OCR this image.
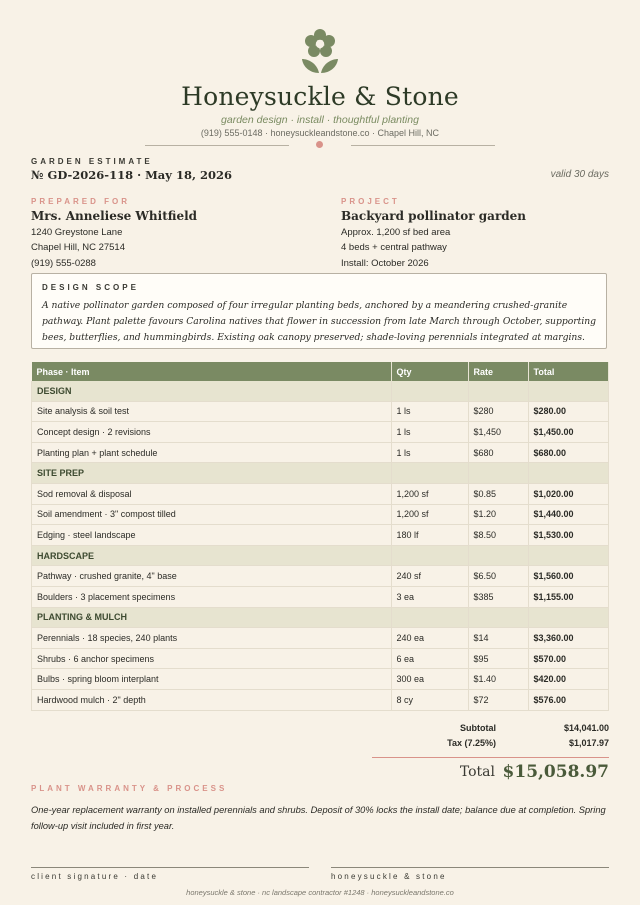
Honeysuckle & Stone
garden design · install · thoughtful planting
(919) 555-0148 · honeysuckleandstone.co · Chapel Hill, NC
GARDEN ESTIMATE
№ GD-2026-118 · May 18, 2026	valid 30 days
PREPARED FOR
Mrs. Anneliese Whitfield
1240 Greystone Lane
Chapel Hill, NC 27514
(919) 555-0288
PROJECT
Backyard pollinator garden
Approx. 1,200 sf bed area
4 beds + central pathway
Install: October 2026
DESIGN SCOPE
A native pollinator garden composed of four irregular planting beds, anchored by a meandering crushed-granite pathway. Plant palette favours Carolina natives that flower in succession from late March through October, supporting bees, butterflies, and hummingbirds. Existing oak canopy preserved; shade-loving perennials integrated at margins.
Phase · Item	Qty	Rate	Total
DESIGN			
Site analysis & soil test	1 ls	$280	$280.00
Concept design · 2 revisions	1 ls	$1,450	$1,450.00
Planting plan + plant schedule	1 ls	$680	$680.00
SITE PREP			
Sod removal & disposal	1,200 sf	$0.85	$1,020.00
Soil amendment · 3" compost tilled	1,200 sf	$1.20	$1,440.00
Edging · steel landscape	180 lf	$8.50	$1,530.00
HARDSCAPE			
Pathway · crushed granite, 4" base	240 sf	$6.50	$1,560.00
Boulders · 3 placement specimens	3 ea	$385	$1,155.00
PLANTING & MULCH			
Perennials · 18 species, 240 plants	240 ea	$14	$3,360.00
Shrubs · 6 anchor specimens	6 ea	$95	$570.00
Bulbs · spring bloom interplant	300 ea	$1.40	$420.00
Hardwood mulch · 2" depth	8 cy	$72	$576.00
Subtotal	$14,041.00
Tax (7.25%)	$1,017.97
Total $15,058.97
PLANT WARRANTY & PROCESS
One-year replacement warranty on installed perennials and shrubs. Deposit of 30% locks the install date; balance due at completion. Spring follow-up visit included in first year.
client signature · date	honeysuckle & stone
honeysuckle & stone · nc landscape contractor #1248 · honeysuckleandstone.co
